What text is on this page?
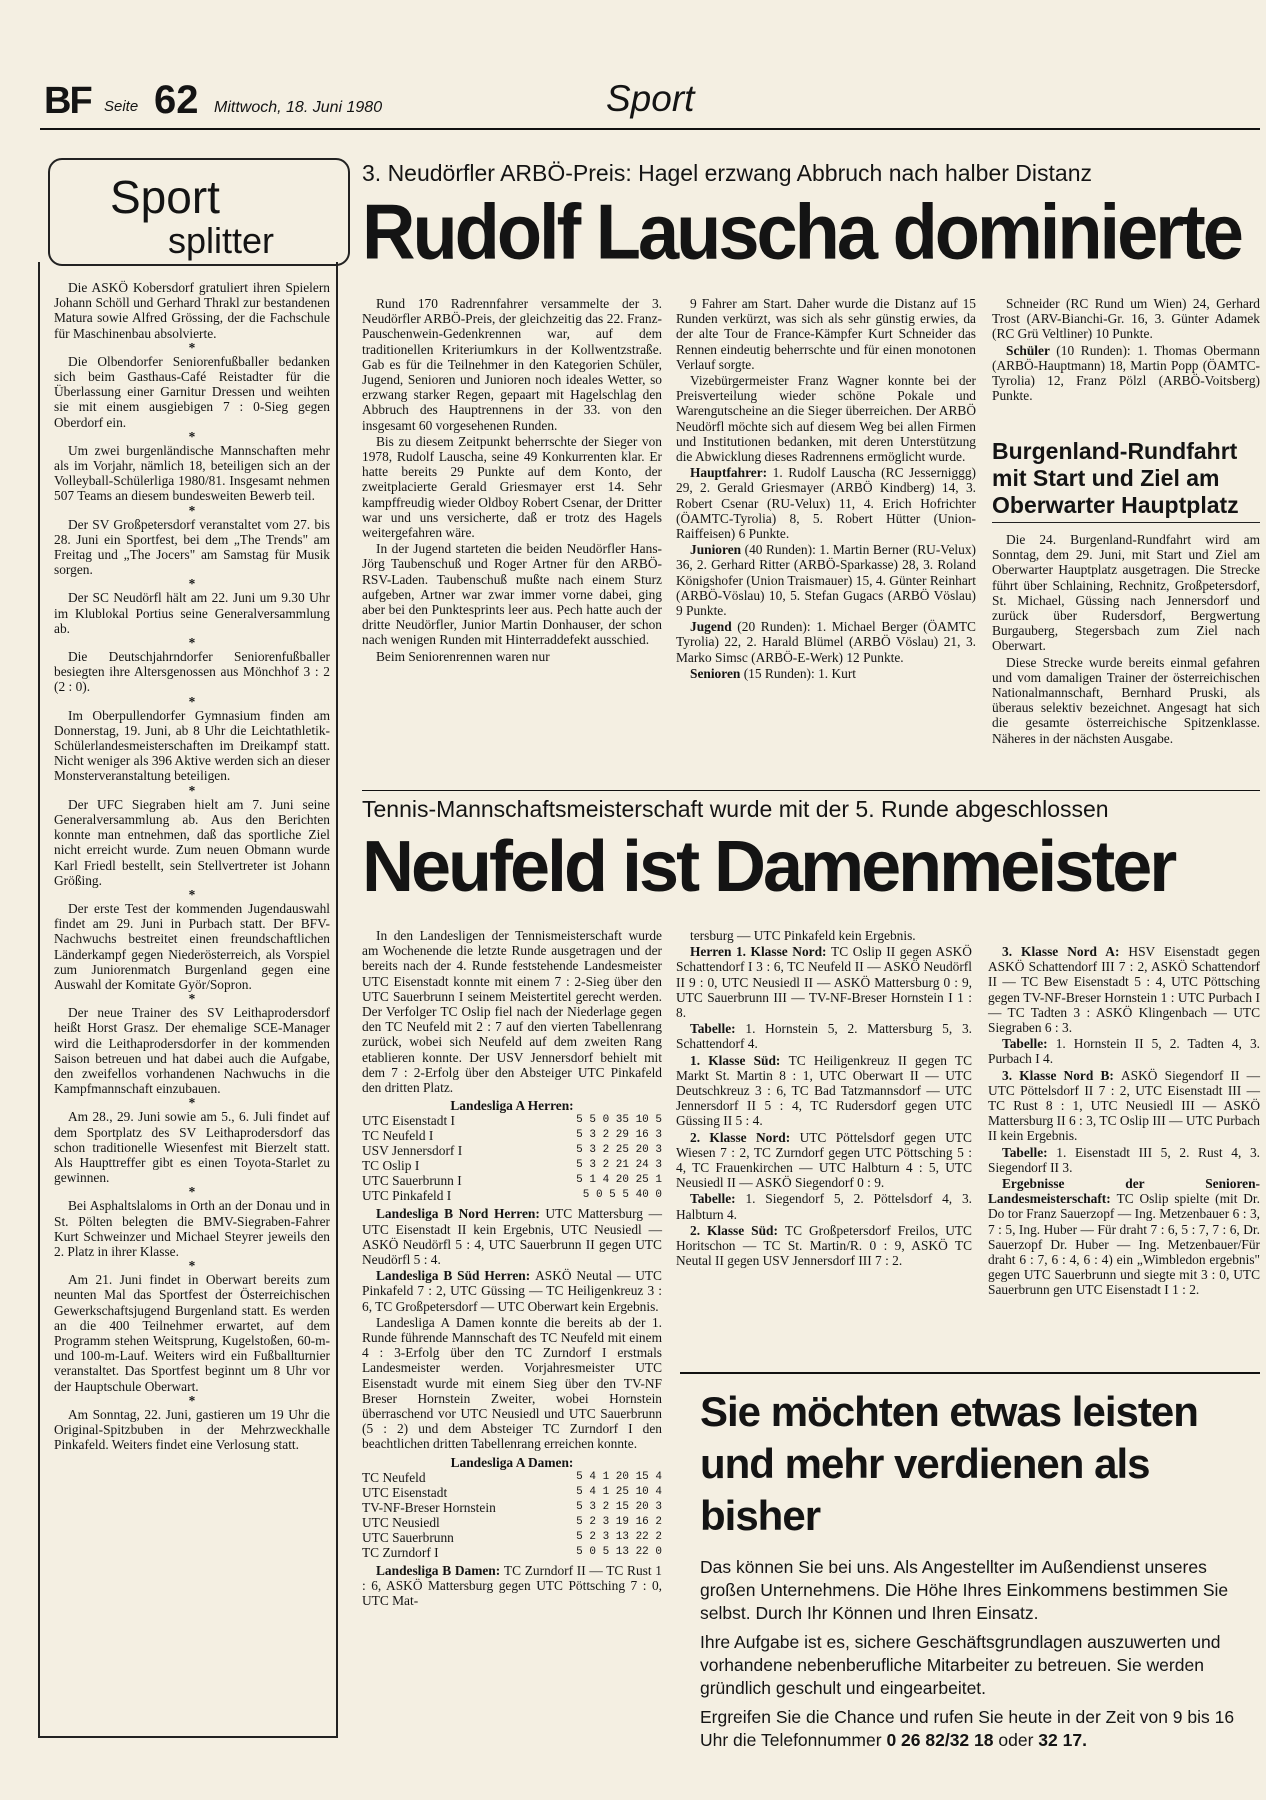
BF Seite 62 Mittwoch, 18. Juni 1980	Sport
Sport
splitter

Die ASKÖ Kobersdorf gratuliert ihren Spielern Johann Schöll und Gerhard Thrakl zur bestandenen Matura sowie Alfred Grössing, der die Fachschule für Maschinenbau absolvierte.

*

Die Olbendorfer Seniorenfußballer bedanken sich beim Gasthaus-Café Reistadter für die Überlassung einer Garnitur Dressen und weihten sie mit einem ausgiebigen 7 : 0-Sieg gegen Oberdorf ein.

*

Um zwei burgenländische Mannschaften mehr als im Vorjahr, nämlich 18, beteiligen sich an der Volleyball-Schülerliga 1980/81. Insgesamt nehmen 507 Teams an diesem bundesweiten Bewerb teil.

*

Der SV Großpetersdorf veranstaltet vom 27. bis 28. Juni ein Sportfest, bei dem „The Trends" am Freitag und „The Jocers" am Samstag für Musik sorgen.

*

Der SC Neudörfl hält am 22. Juni um 9.30 Uhr im Klublokal Portius seine Generalversammlung ab.

*

Die Deutschjahrndorfer Seniorenfußballer besiegten ihre Altersgenossen aus Mönchhof 3 : 2 (2 : 0).

*

Im Oberpullendorfer Gymnasium finden am Donnerstag, 19. Juni, ab 8 Uhr die Leichtathletik-Schülerlandesmeisterschaften im Dreikampf statt. Nicht weniger als 396 Aktive werden sich an dieser Monsterveranstaltung beteiligen.

*

Der UFC Siegraben hielt am 7. Juni seine Generalversammlung ab. Aus den Berichten konnte man entnehmen, daß das sportliche Ziel nicht erreicht wurde. Zum neuen Obmann wurde Karl Friedl bestellt, sein Stellvertreter ist Johann Größing.

*

Der erste Test der kommenden Jugendauswahl findet am 29. Juni in Purbach statt. Der BFV-Nachwuchs bestreitet einen freundschaftlichen Länderkampf gegen Niederösterreich, als Vorspiel zum Juniorenmatch Burgenland gegen eine Auswahl der Komitate Györ/Sopron.

*

Der neue Trainer des SV Leithaprodersdorf heißt Horst Grasz. Der ehemalige SCE-Manager wird die Leithaprodersdorfer in der kommenden Saison betreuen und hat dabei auch die Aufgabe, den zweifellos vorhandenen Nachwuchs in die Kampfmannschaft einzubauen.

*

Am 28., 29. Juni sowie am 5., 6. Juli findet auf dem Sportplatz des SV Leithaprodersdorf das schon traditionelle Wiesenfest mit Bierzelt statt. Als Haupttreffer gibt es einen Toyota-Starlet zu gewinnen.

*

Bei Asphaltslaloms in Orth an der Donau und in St. Pölten belegten die BMV-Siegraben-Fahrer Kurt Schweinzer und Michael Steyrer jeweils den 2. Platz in ihrer Klasse.

*

Am 21. Juni findet in Oberwart bereits zum neunten Mal das Sportfest der Österreichischen Gewerkschaftsjugend Burgenland statt. Es werden an die 400 Teilnehmer erwartet, auf dem Programm stehen Weitsprung, Kugelstoßen, 60-m- und 100-m-Lauf. Weiters wird ein Fußballturnier veranstaltet. Das Sportfest beginnt um 8 Uhr vor der Hauptschule Oberwart.

*

Am Sonntag, 22. Juni, gastieren um 19 Uhr die Original-Spitzbuben in der Mehrzweckhalle Pinkafeld. Weiters findet eine Verlosung statt.

3. Neudörfler ARBÖ-Preis: Hagel erzwang Abbruch nach halber Distanz
Rudolf Lauscha dominierte

Rund 170 Radrennfahrer versammelte der 3. Neudörfler ARBÖ-Preis, der gleichzeitig das 22. Franz-Pauschenwein-Gedenkrennen war, auf dem traditionellen Kriteriumkurs in der Kollwentzstraße. Gab es für die Teilnehmer in den Kategorien Schüler, Jugend, Senioren und Junioren noch ideales Wetter, so erzwang starker Regen, gepaart mit Hagelschlag den Abbruch des Hauptrennens in der 33. von den insgesamt 60 vorgesehenen Runden.

Bis zu diesem Zeitpunkt beherrschte der Sieger von 1978, Rudolf Lauscha, seine 49 Konkurrenten klar. Er hatte bereits 29 Punkte auf dem Konto, der zweitplacierte Gerald Griesmayer erst 14. Sehr kampffreudig wieder Oldboy Robert Csenar, der Dritter war und uns versicherte, daß er trotz des Hagels weitergefahren wäre.

In der Jugend starteten die beiden Neudörfler Hans-Jörg Taubenschuß und Roger Artner für den ARBÖ-RSV-Laden. Taubenschuß mußte nach einem Sturz aufgeben, Artner war zwar immer vorne dabei, ging aber bei den Punktesprints leer aus. Pech hatte auch der dritte Neudörfler, Junior Martin Donhauser, der schon nach wenigen Runden mit Hinterraddefekt ausschied.

Beim Seniorenrennen waren nur

9 Fahrer am Start. Daher wurde die Distanz auf 15 Runden verkürzt, was sich als sehr günstig erwies, da der alte Tour de France-Kämpfer Kurt Schneider das Rennen eindeutig beherrschte und für einen monotonen Verlauf sorgte.

Vizebürgermeister Franz Wagner konnte bei der Preisverteilung wieder schöne Pokale und Warengutscheine an die Sieger überreichen. Der ARBÖ Neudörfl möchte sich auf diesem Weg bei allen Firmen und Institutionen bedanken, mit deren Unterstützung die Abwicklung dieses Radrennens ermöglicht wurde.

Hauptfahrer: 1. Rudolf Lauscha (RC Jesserniggg) 29, 2. Gerald Griesmayer (ARBÖ Kindberg) 14, 3. Robert Csenar (RU-Velux) 11, 4. Erich Hofrichter (ÖAMTC-Tyrolia) 8, 5. Robert Hütter (Union-Raiffeisen) 6 Punkte.

Junioren (40 Runden): 1. Martin Berner (RU-Velux) 36, 2. Gerhard Ritter (ARBÖ-Sparkasse) 28, 3. Roland Königshofer (Union Traismauer) 15, 4. Günter Reinhart (ARBÖ-Vöslau) 10, 5. Stefan Gugacs (ARBÖ Vöslau) 9 Punkte.

Jugend (20 Runden): 1. Michael Berger (ÖAMTC Tyrolia) 22, 2. Harald Blümel (ARBÖ Vöslau) 21, 3. Marko Simsc (ARBÖ-E-Werk) 12 Punkte.

Senioren (15 Runden): 1. Kurt

Schneider (RC Rund um Wien) 24, Gerhard Trost (ARV-Bianchi-Gr. 16, 3. Günter Adamek (RC Grü Veltliner) 10 Punkte.

Schüler (10 Runden): 1. Thomas Obermann (ARBÖ-Hauptmann) 18, Martin Popp (ÖAMTC-Tyrolia) 12, Franz Pölzl (ARBÖ-Voitsberg) Punkte.

Burgenland-Rundfahrt mit Start und Ziel am Oberwarter Hauptplatz

Die 24. Burgenland-Rundfahrt wird am Sonntag, dem 29. Juni, mit Start und Ziel am Oberwarter Hauptplatz ausgetragen. Die Strecke führt über Schlaining, Rechnitz, Großpetersdorf, St. Michael, Güssing nach Jennersdorf und zurück über Rudersdorf, Bergwertung Burgauberg, Stegersbach zum Ziel nach Oberwart.

Diese Strecke wurde bereits einmal gefahren und vom damaligen Trainer der österreichischen Nationalmannschaft, Bernhard Pruski, als überaus selektiv bezeichnet. Angesagt hat sich die gesamte österreichische Spitzenklasse. Näheres in der nächsten Ausgabe.

Tennis-Mannschaftsmeisterschaft wurde mit der 5. Runde abgeschlossen
Neufeld ist Damenmeister

In den Landesligen der Tennismeisterschaft wurde am Wochenende die letzte Runde ausgetragen und der bereits nach der 4. Runde feststehende Landesmeister UTC Eisenstadt konnte mit einem 7 : 2-Sieg über den UTC Sauerbrunn I seinem Meistertitel gerecht werden. Der Verfolger TC Oslip fiel nach der Niederlage gegen den TC Neufeld mit 2 : 7 auf den vierten Tabellenrang zurück, wobei sich Neufeld auf dem zweiten Rang etablieren konnte. Der USV Jennersdorf behielt mit dem 7 : 2-Erfolg über den Absteiger UTC Pinkafeld den dritten Platz.

Landesliga A Herren:
UTC Eisenstadt I	5 5 0 35 10 5
TC Neufeld I	5 3 2 29 16 3
USV Jennersdorf I	5 3 2 25 20 3
TC Oslip I	5 3 2 21 24 3
UTC Sauerbrunn I	5 1 4 20 25 1
UTC Pinkafeld I	5 0 5 5 40 0

Landesliga B Nord Herren: UTC Mattersburg — UTC Eisenstadt II kein Ergebnis, UTC Neusiedl — ASKÖ Neudörfl 5 : 4, UTC Sauerbrunn II gegen UTC Neudörfl 5 : 4.

Landesliga B Süd Herren: ASKÖ Neutal — UTC Pinkafeld 7 : 2, UTC Güssing — TC Heiligenkreuz 3 : 6, TC Großpetersdorf — UTC Oberwart kein Ergebnis.

Landesliga A Damen konnte die bereits ab der 1. Runde führende Mannschaft des TC Neufeld mit einem 4 : 3-Erfolg über den TC Zurndorf I erstmals Landesmeister werden. Vorjahresmeister UTC Eisenstadt wurde mit einem Sieg über den TV-NF Breser Hornstein Zweiter, wobei Hornstein überraschend vor UTC Neusiedl und UTC Sauerbrunn (5 : 2) und dem Absteiger TC Zurndorf I den beachtlichen dritten Tabellenrang erreichen konnte.

Landesliga A Damen:
TC Neufeld	5 4 1 20 15 4
UTC Eisenstadt	5 4 1 25 10 4
TV-NF-Breser Hornstein	5 3 2 15 20 3
UTC Neusiedl	5 2 3 19 16 2
UTC Sauerbrunn	5 2 3 13 22 2
TC Zurndorf I	5 0 5 13 22 0

Landesliga B Damen: TC Zurndorf II — TC Rust 1 : 6, ASKÖ Mattersburg gegen UTC Pöttsching 7 : 0, UTC Mat-

tersburg — UTC Pinkafeld kein Ergebnis.

Herren 1. Klasse Nord: TC Oslip II gegen ASKÖ Schattendorf I 3 : 6, TC Neufeld II — ASKÖ Neudörfl II 9 : 0, UTC Neusiedl II — ASKÖ Mattersburg 0 : 9, UTC Sauerbrunn III — TV-NF-Breser Hornstein I 1 : 8.

Tabelle: 1. Hornstein 5, 2. Mattersburg 5, 3. Schattendorf 4.

1. Klasse Süd: TC Heiligenkreuz II gegen TC Markt St. Martin 8 : 1, UTC Oberwart II — UTC Deutschkreuz 3 : 6, TC Bad Tatzmannsdorf — UTC Jennersdorf II 5 : 4, TC Rudersdorf gegen UTC Güssing II 5 : 4.

2. Klasse Nord: UTC Pöttelsdorf gegen UTC Wiesen 7 : 2, TC Zurndorf gegen UTC Pöttsching 5 : 4, TC Frauenkirchen — UTC Halbturn 4 : 5, UTC Neusiedl II — ASKÖ Siegendorf 0 : 9.

Tabelle: 1. Siegendorf 5, 2. Pöttelsdorf 4, 3. Halbturn 4.

2. Klasse Süd: TC Großpetersdorf Freilos, UTC Horitschon — TC St. Martin/R. 0 : 9, ASKÖ TC Neutal II gegen USV Jennersdorf III 7 : 2.

3. Klasse Nord A: HSV Eisenstadt gegen ASKÖ Schattendorf III 7 : 2, ASKÖ Schattendorf II — TC Bew Eisenstadt 5 : 4, UTC Pöttsching gegen TV-NF-Breser Hornstein 1 : UTC Purbach I — TC Tadten 3 : ASKÖ Klingenbach — UTC Siegraben 6 : 3.

Tabelle: 1. Hornstein II 5, 2. Tadten 4, 3. Purbach I 4.

3. Klasse Nord B: ASKÖ Siegendorf II — UTC Pöttelsdorf II 7 : 2, UTC Eisenstadt III — TC Rust 8 : 1, UTC Neusiedl III — ASKÖ Mattersburg II 6 : 3, TC Oslip III — UTC Purbach II kein Ergebnis.

Tabelle: 1. Eisenstadt III 5, 2. Rust 4, 3. Siegendorf II 3.

Ergebnisse der Senioren-Landesmeisterschaft: TC Oslip spielte (mit Dr. Do tor Franz Sauerzopf — Ing. Metzenbauer 6 : 3, 7 : 5, Ing. Huber — Für draht 7 : 6, 5 : 7, 7 : 6, Dr. Sauerzopf Dr. Huber — Ing. Metzenbauer/Für draht 6 : 7, 6 : 4, 6 : 4) ein „Wimbledon ergebnis" gegen UTC Sauerbrunn und siegte mit 3 : 0, UTC Sauerbrunn gen UTC Eisenstadt I 1 : 2.

Sie möchten etwas leisten
und mehr verdienen als bisher

Das können Sie bei uns. Als Angestellter im Außendienst unseres großen Unternehmens. Die Höhe Ihres Einkommens bestimmen Sie selbst. Durch Ihr Können und Ihren Einsatz.

Ihre Aufgabe ist es, sichere Geschäftsgrundlagen auszuwerten und vorhandene nebenberufliche Mitarbeiter zu betreuen. Sie werden gründlich geschult und eingearbeitet.

Ergreifen Sie die Chance und rufen Sie heute in der Zeit von 9 bis 16 Uhr die Telefonnummer 0 26 82/32 18 oder 32 17.
